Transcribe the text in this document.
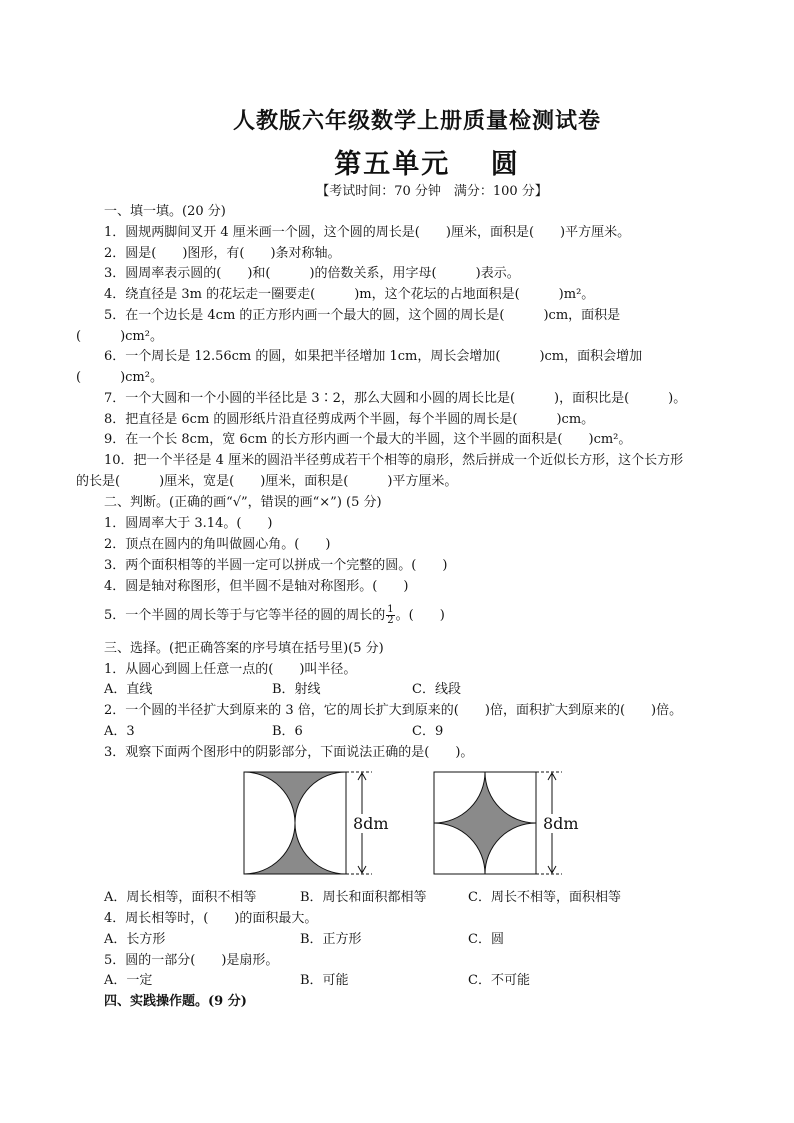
人教版六年级数学上册质量检测试卷
第五单元　 圆
【考试时间：70 分钟　满分：100 分】
一、填一填。(20 分)
1．圆规两脚间叉开 4 厘米画一个圆，这个圆的周长是(　　)厘米，面积是(　　)平方厘米。
2．圆是(　　)图形，有(　　)条对称轴。
3．圆周率表示圆的(　　)和(　　　)的倍数关系，用字母(　　　)表示。
4．绕直径是 3m 的花坛走一圈要走(　　　)m，这个花坛的占地面积是(　　　)m²。
5．在一个边长是 4cm 的正方形内画一个最大的圆，这个圆的周长是(　　　)cm，面积是
(　　　)cm²。
6．一个周长是 12.56cm 的圆，如果把半径增加 1cm，周长会增加(　　　)cm，面积会增加
(　　　)cm²。
7．一个大圆和一个小圆的半径比是 3∶2，那么大圆和小圆的周长比是(　　　)，面积比是(　　　)。
8．把直径是 6cm 的圆形纸片沿直径剪成两个半圆，每个半圆的周长是(　　　)cm。
9．在一个长 8cm，宽 6cm 的长方形内画一个最大的半圆，这个半圆的面积是(　　)cm²。
10．把一个半径是 4 厘米的圆沿半径剪成若干个相等的扇形，然后拼成一个近似长方形，这个长方形
的长是(　　　)厘米，宽是(　　)厘米，面积是(　　　)平方厘米。
二、判断。(正确的画“√”，错误的画“×”) (5 分)
1．圆周率大于 3.14。(　　)
2．顶点在圆内的角叫做圆心角。(　　)
3．两个面积相等的半圆一定可以拼成一个完整的圆。(　　)
4．圆是轴对称图形，但半圆不是轴对称图形。(　　)
5．一个半圆的周长等于与它等半径的圆的周长的 $\frac{1}{2}$ 。(　　)
三、选择。(把正确答案的序号填在括号里)(5 分)
1．从圆心到圆上任意一点的(　　)叫半径。
A．直线	B．射线	C．线段
2．一个圆的半径扩大到原来的 3 倍，它的周长扩大到原来的(　　)倍，面积扩大到原来的(　　)倍。
A．3	B．6	C．9
3．观察下面两个图形中的阴影部分，下面说法正确的是(　　)。
8dm	8dm
A．周长相等，面积不相等	B．周长和面积都相等	C．周长不相等，面积相等
4．周长相等时，(　　)的面积最大。
A．长方形	B．正方形	C．圆
5．圆的一部分(　　)是扇形。
A．一定	B．可能	C．不可能
四、实践操作题。(9 分)
